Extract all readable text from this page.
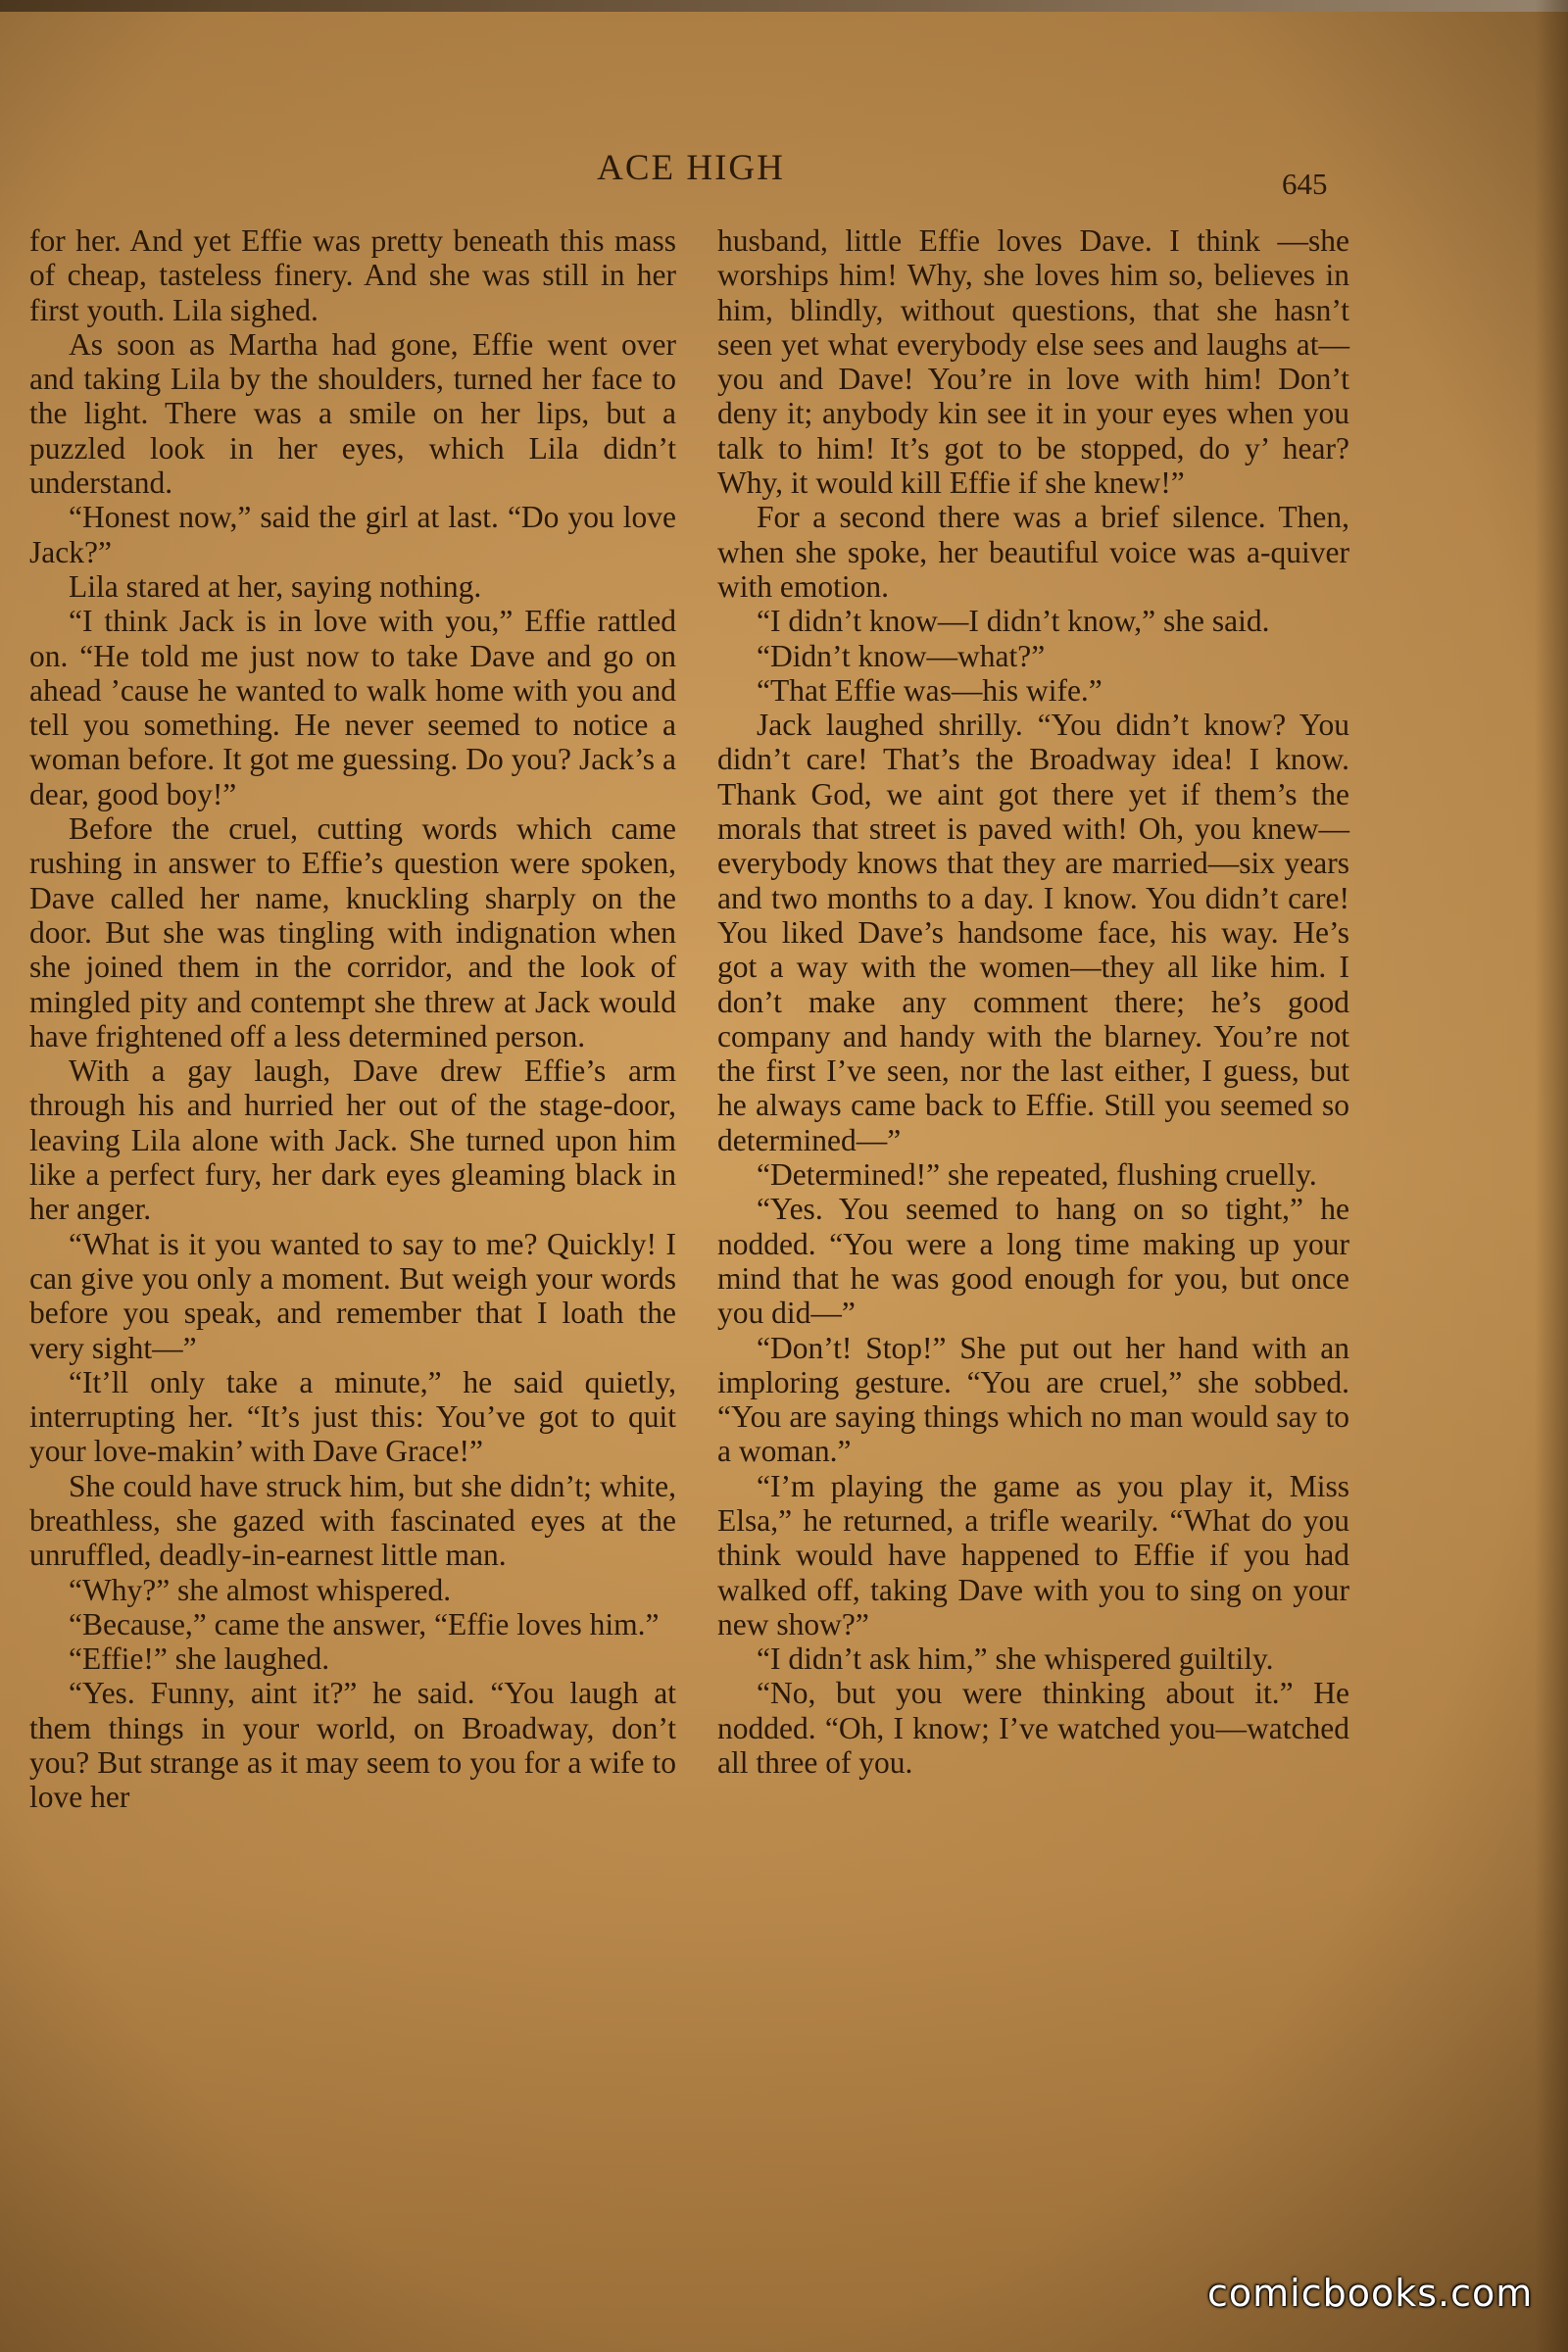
ACE HIGH	645

for her. And yet Effie was pretty beneath this mass of cheap, tasteless finery. And she was still in her first youth. Lila sighed.

As soon as Martha had gone, Effie went over and taking Lila by the shoulders, turned her face to the light. There was a smile on her lips, but a puzzled look in her eyes, which Lila didn’t understand.

“Honest now,” said the girl at last. “Do you love Jack?”

Lila stared at her, saying nothing.

“I think Jack is in love with you,” Effie rattled on. “He told me just now to take Dave and go on ahead ’cause he wanted to walk home with you and tell you something. He never seemed to notice a woman before. It got me guessing. Do you? Jack’s a dear, good boy!”

Before the cruel, cutting words which came rushing in answer to Effie’s question were spoken, Dave called her name, knuckling sharply on the door. But she was tingling with indignation when she joined them in the corridor, and the look of mingled pity and contempt she threw at Jack would have frightened off a less determined person.

With a gay laugh, Dave drew Effie’s arm through his and hurried her out of the stage-door, leaving Lila alone with Jack. She turned upon him like a perfect fury, her dark eyes gleaming black in her anger.

“What is it you wanted to say to me? Quickly! I can give you only a moment. But weigh your words before you speak, and remember that I loath the very sight—”

“It’ll only take a minute,” he said quietly, interrupting her. “It’s just this: You’ve got to quit your love-makin’ with Dave Grace!”

She could have struck him, but she didn’t; white, breathless, she gazed with fascinated eyes at the unruffled, deadly-in-earnest little man.

“Why?” she almost whispered.

“Because,” came the answer, “Effie loves him.”

“Effie!” she laughed.

“Yes. Funny, aint it?” he said. “You laugh at them things in your world, on Broadway, don’t you? But strange as it may seem to you for a wife to love her

husband, little Effie loves Dave. I think —she worships him! Why, she loves him so, believes in him, blindly, without questions, that she hasn’t seen yet what everybody else sees and laughs at—you and Dave! You’re in love with him! Don’t deny it; anybody kin see it in your eyes when you talk to him! It’s got to be stopped, do y’ hear? Why, it would kill Effie if she knew!”

For a second there was a brief silence. Then, when she spoke, her beautiful voice was a-quiver with emotion.

“I didn’t know—I didn’t know,” she said.

“Didn’t know—what?”

“That Effie was—his wife.”

Jack laughed shrilly. “You didn’t know? You didn’t care! That’s the Broadway idea! I know. Thank God, we aint got there yet if them’s the morals that street is paved with! Oh, you knew—everybody knows that they are married—six years and two months to a day. I know. You didn’t care! You liked Dave’s handsome face, his way. He’s got a way with the women—they all like him. I don’t make any comment there; he’s good company and handy with the blarney. You’re not the first I’ve seen, nor the last either, I guess, but he always came back to Effie. Still you seemed so determined—”

“Determined!” she repeated, flushing cruelly.

“Yes. You seemed to hang on so tight,” he nodded. “You were a long time making up your mind that he was good enough for you, but once you did—”

“Don’t! Stop!” She put out her hand with an imploring gesture. “You are cruel,” she sobbed. “You are saying things which no man would say to a woman.”

“I’m playing the game as you play it, Miss Elsa,” he returned, a trifle wearily. “What do you think would have happened to Effie if you had walked off, taking Dave with you to sing on your new show?”

“I didn’t ask him,” she whispered guiltily.

“No, but you were thinking about it.” He nodded. “Oh, I know; I’ve watched you—watched all three of you.

comicbooks.com
